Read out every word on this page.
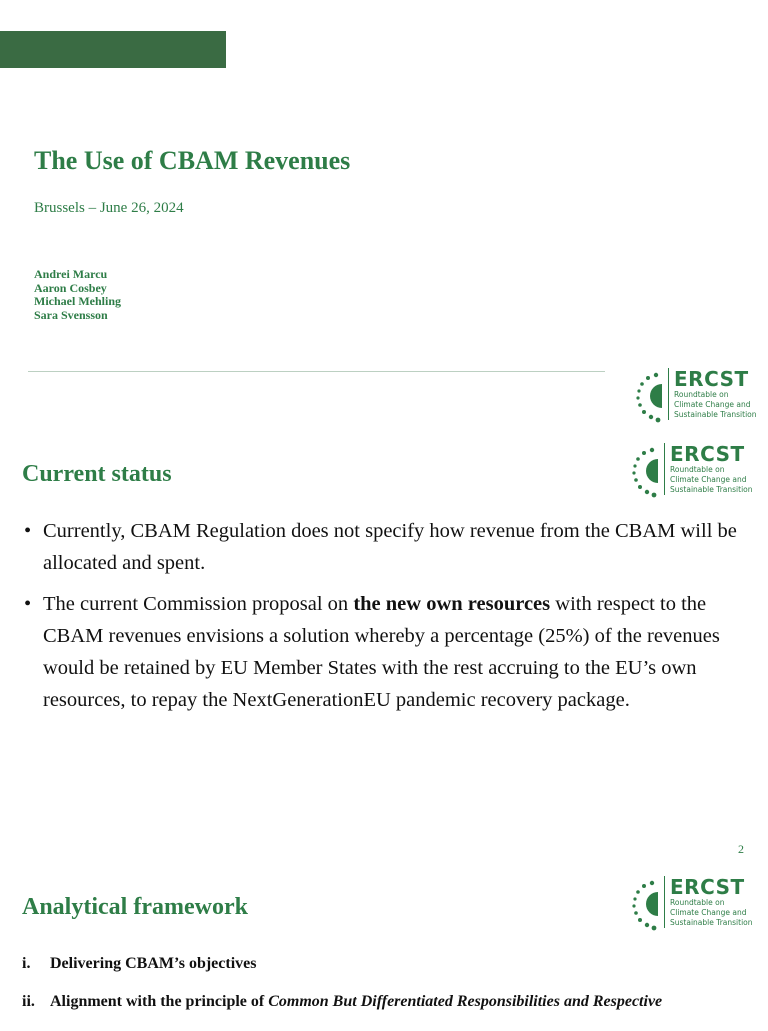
The Use of CBAM Revenues
Brussels – June 26, 2024
Andrei Marcu
Aaron Cosbey
Michael Mehling
Sara Svensson
ERCST
Roundtable on
Climate Change and
Sustainable Transition
Current status
ERCST
Roundtable on
Climate Change and
Sustainable Transition
• Currently, CBAM Regulation does not specify how revenue from the CBAM will be allocated and spent.
• The current Commission proposal on the new own resources with respect to the CBAM revenues envisions a solution whereby a percentage (25%) of the revenues would be retained by EU Member States with the rest accruing to the EU’s own resources, to repay the NextGenerationEU pandemic recovery package.
2
Analytical framework
ERCST
Roundtable on
Climate Change and
Sustainable Transition
i. Delivering CBAM’s objectives
ii. Alignment with the principle of Common But Differentiated Responsibilities and Respective
